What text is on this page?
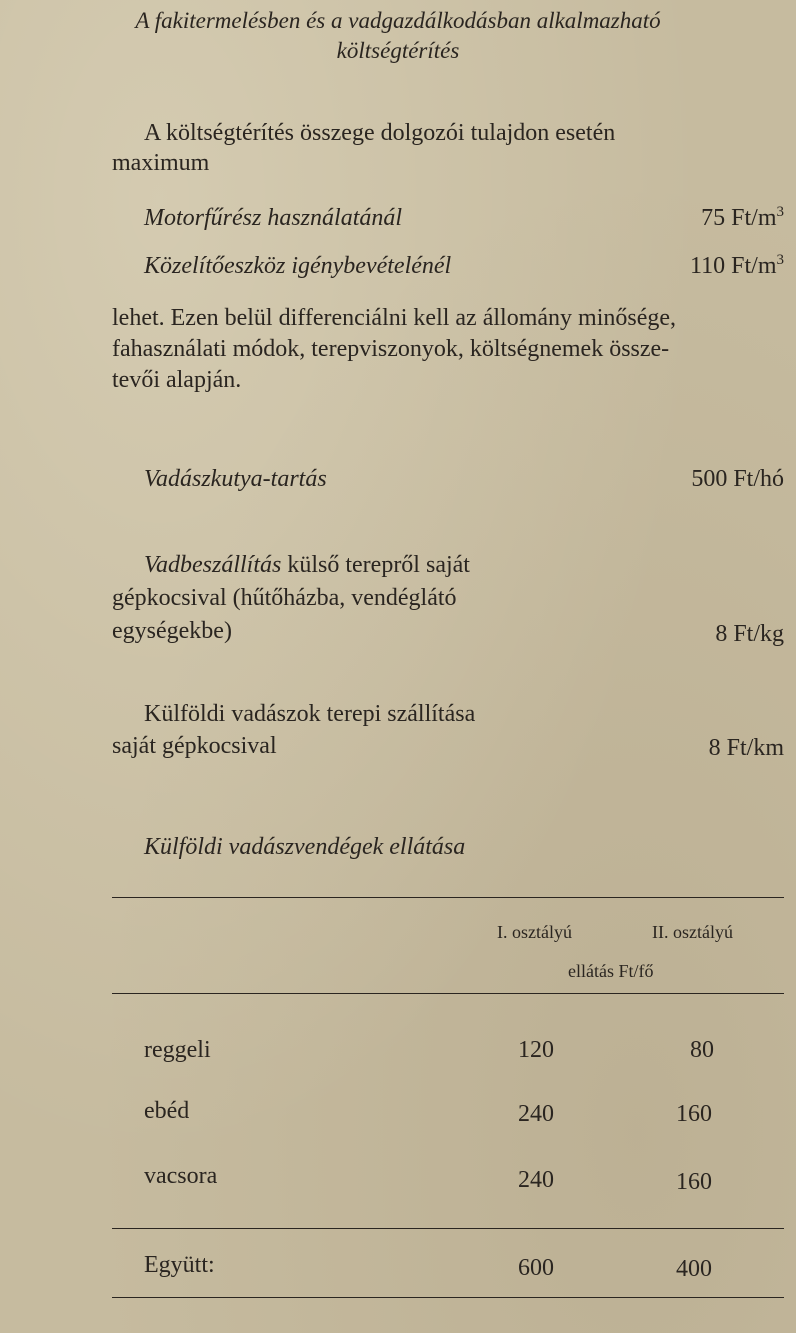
A fakitermelésben és a vadgazdálkodásban alkalmazható
költségtérítés
A költségtérítés összege dolgozói tulajdon esetén
maximum
Motorfűrész használatánál	75 $Ft/m^3$
Közelítőeszköz igénybevételénél	110 $Ft/m^3$
lehet. Ezen belül differenciálni kell az állomány minősége,
fahasználati módok, terepviszonyok, költségnemek össze-
tevői alapján.
Vadászkutya-tartás	500 Ft/hó
Vadbeszállítás külső terepről saját
gépkocsival (hűtőházba, vendéglátó
egységekbe)	8 Ft/kg
Külföldi vadászok terepi szállítása
saját gépkocsival	8 Ft/km
Külföldi vadászvendégek ellátása
I. osztályú	II. osztályú
ellátás Ft/fő
reggeli	120	80
ebéd	240	160
vacsora	240	160
Együtt:	600	400
